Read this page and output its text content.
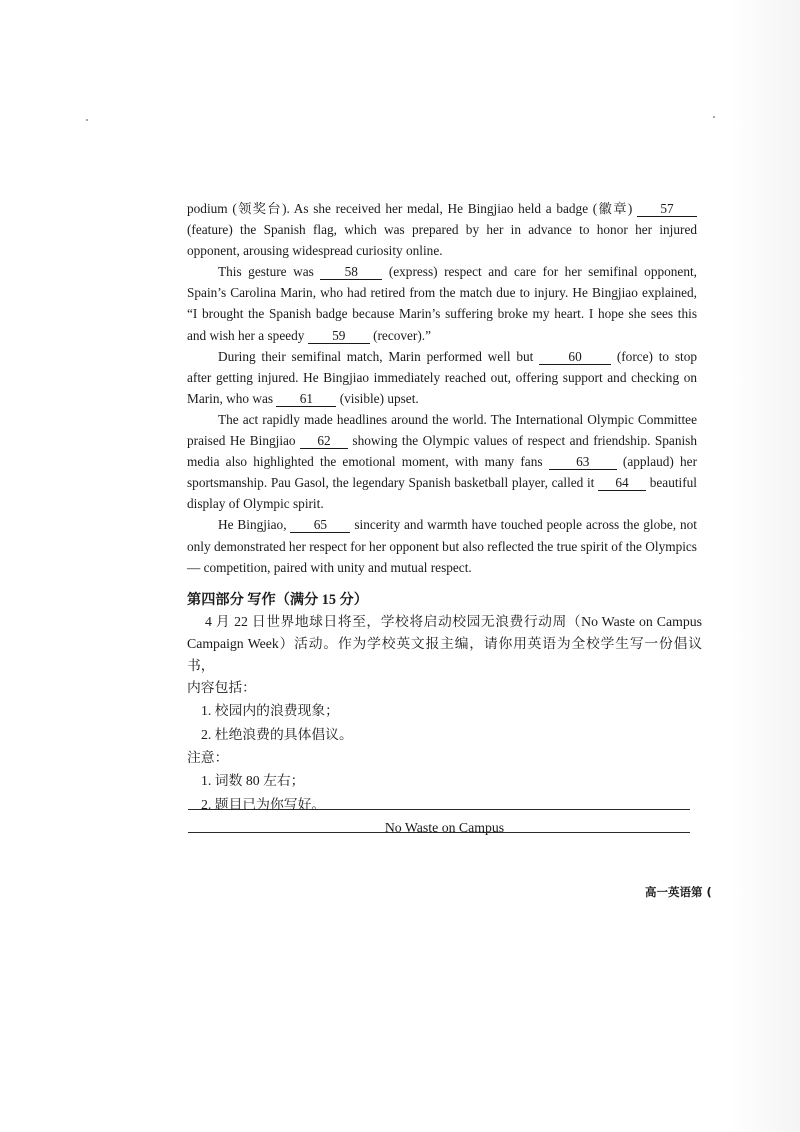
podium (领奖台). As she received her medal, He Bingjiao held a badge (徽章) 57 (feature) the Spanish flag, which was prepared by her in advance to honor her injured opponent, arousing widespread curiosity online.

This gesture was 58 (express) respect and care for her semifinal opponent, Spain’s Carolina Marin, who had retired from the match due to injury. He Bingjiao explained, “I brought the Spanish badge because Marin’s suffering broke my heart. I hope she sees this and wish her a speedy 59 (recover).”

During their semifinal match, Marin performed well but 60 (force) to stop after getting injured. He Bingjiao immediately reached out, offering support and checking on Marin, who was 61 (visible) upset.

The act rapidly made headlines around the world. The International Olympic Committee praised He Bingjiao 62 showing the Olympic values of respect and friendship. Spanish media also highlighted the emotional moment, with many fans 63 (applaud) her sportsmanship. Pau Gasol, the legendary Spanish basketball player, called it 64 beautiful display of Olympic spirit.

He Bingjiao, 65 sincerity and warmth have touched people across the globe, not only demonstrated her respect for her opponent but also reflected the true spirit of the Olympics — competition, paired with unity and mutual respect.

第四部分 写作（满分 15 分）
4 月 22 日世界地球日将至，学校将启动校园无浪费行动周（No Waste on Campus Campaign Week）活动。作为学校英文报主编，请你用英语为全校学生写一份倡议书，
内容包括：
1. 校园内的浪费现象；
2. 杜绝浪费的具体倡议。
注意：
1. 词数 80 左右；
2. 题目已为你写好。
No Waste on Campus
高一英语第 (
